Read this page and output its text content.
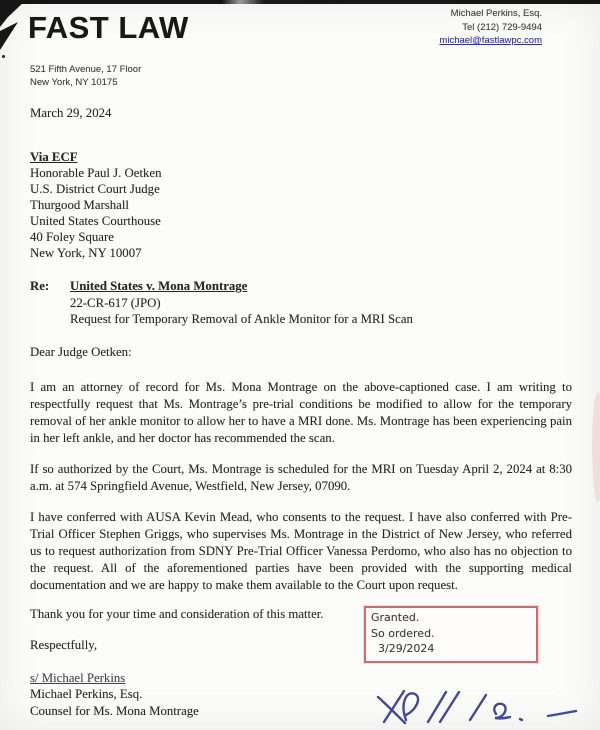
FAST LAW	Michael Perkins, Esq.
Tel (212) 729-9494
michael@fastlawpc.com
521 Fifth Avenue, 17 Floor
New York, NY 10175
March 29, 2024
Via ECF
Honorable Paul J. Oetken
U.S. District Court Judge
Thurgood Marshall
United States Courthouse
40 Foley Square
New York, NY 10007
Re:	United States v. Mona Montrage
22-CR-617 (JPO)
Request for Temporary Removal of Ankle Monitor for a MRI Scan
Dear Judge Oetken:
I am an attorney of record for Ms. Mona Montrage on the above-captioned case. I am writing to respectfully request that Ms. Montrage’s pre-trial conditions be modified to allow for the temporary removal of her ankle monitor to allow her to have a MRI done. Ms. Montrage has been experiencing pain in her left ankle, and her doctor has recommended the scan.
If so authorized by the Court, Ms. Montrage is scheduled for the MRI on Tuesday April 2, 2024 at 8:30 a.m. at 574 Springfield Avenue, Westfield, New Jersey, 07090.
I have conferred with AUSA Kevin Mead, who consents to the request. I have also conferred with Pre-Trial Officer Stephen Griggs, who supervises Ms. Montrage in the District of New Jersey, who referred us to request authorization from SDNY Pre-Trial Officer Vanessa Perdomo, who also has no objection to the request. All of the aforementioned parties have been provided with the supporting medical documentation and we are happy to make them available to the Court upon request.
Thank you for your time and consideration of this matter.
Respectfully,
s/ Michael Perkins
Michael Perkins, Esq.
Counsel for Ms. Mona Montrage
Granted.
So ordered.
3/29/2024
